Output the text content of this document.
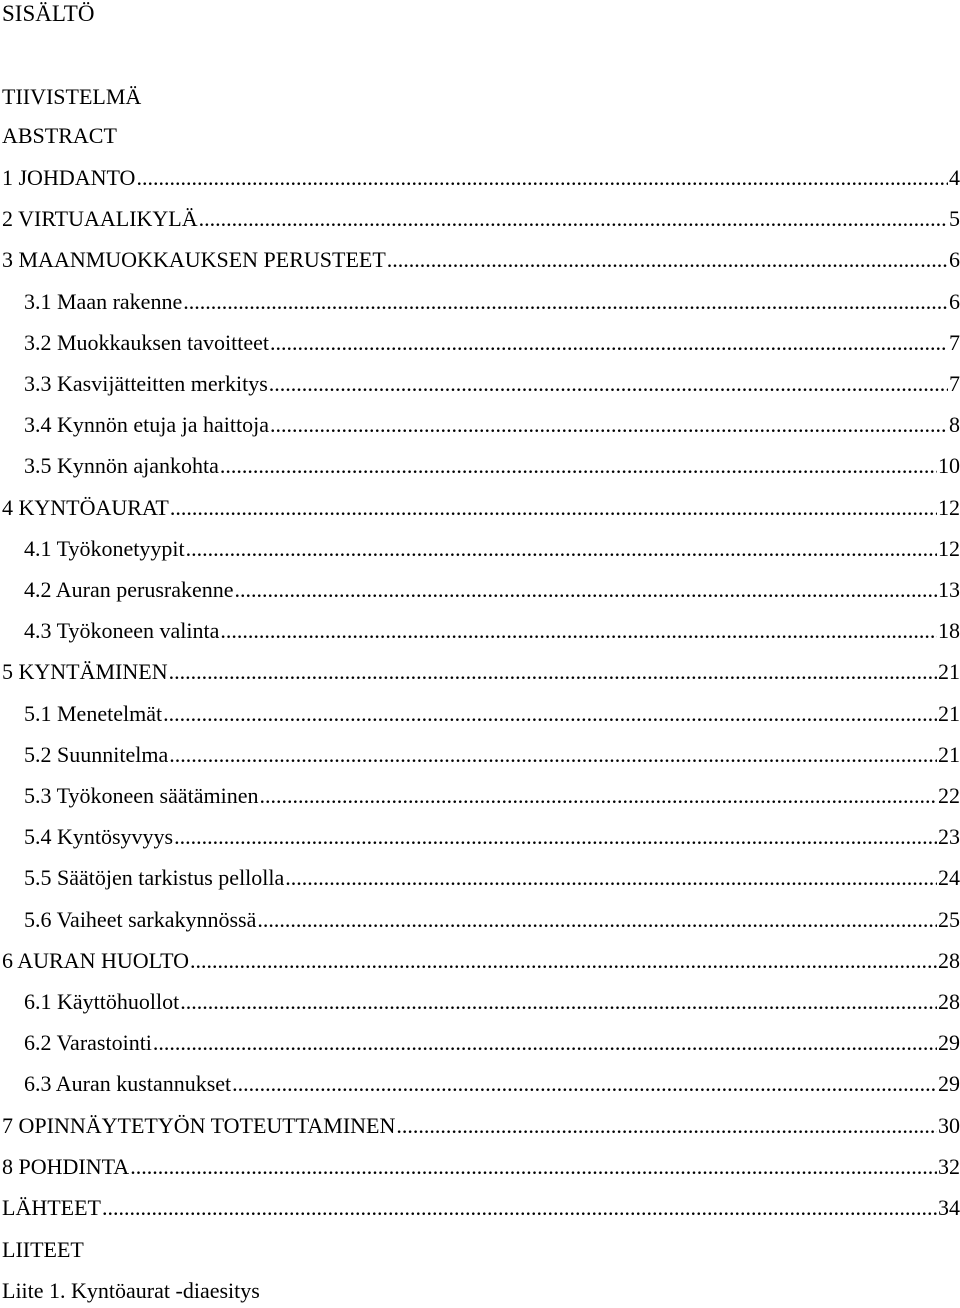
SISÄLTÖ
TIIVISTELMÄ
ABSTRACT
1 JOHDANTO .....	4
2 VIRTUAALIKYLÄ .....	5
3 MAANMUOKKAUKSEN PERUSTEET .....	6
3.1 Maan rakenne .....	6
3.2 Muokkauksen tavoitteet .....	7
3.3 Kasvijätteitten merkitys .....	7
3.4 Kynnön etuja ja haittoja .....	8
3.5 Kynnön ajankohta .....	10
4 KYNTÖAURAT .....	12
4.1 Työkonetyypit .....	12
4.2 Auran perusrakenne .....	13
4.3 Työkoneen valinta .....	18
5 KYNTÄMINEN .....	21
5.1 Menetelmät .....	21
5.2 Suunnitelma .....	21
5.3 Työkoneen säätäminen .....	22
5.4 Kyntösyvyys .....	23
5.5 Säätöjen tarkistus pellolla .....	24
5.6 Vaiheet sarkakynnössä .....	25
6 AURAN HUOLTO .....	28
6.1 Käyttöhuollot .....	28
6.2 Varastointi .....	29
6.3 Auran kustannukset .....	29
7 OPINNÄYTETYÖN TOTEUTTAMINEN .....	30
8 POHDINTA .....	32
LÄHTEET .....	34
LIITEET
Liite 1. Kyntöaurat -diaesitys
